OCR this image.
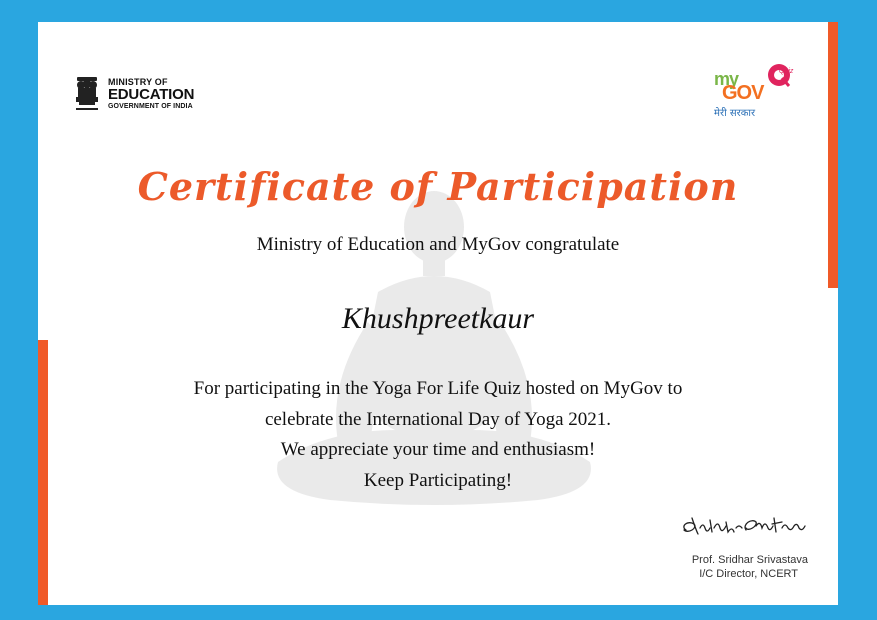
MINISTRY OF
EDUCATION
GOVERNMENT OF INDIA
my
GOV
मेरी सरकार
Quiz
Certificate of Participation
Ministry of Education and MyGov congratulate
Khushpreetkaur
For participating in the Yoga For Life Quiz hosted on MyGov to
celebrate the International Day of Yoga 2021.
We appreciate your time and enthusiasm!
Keep Participating!
Prof. Sridhar Srivastava
I/C Director, NCERT
